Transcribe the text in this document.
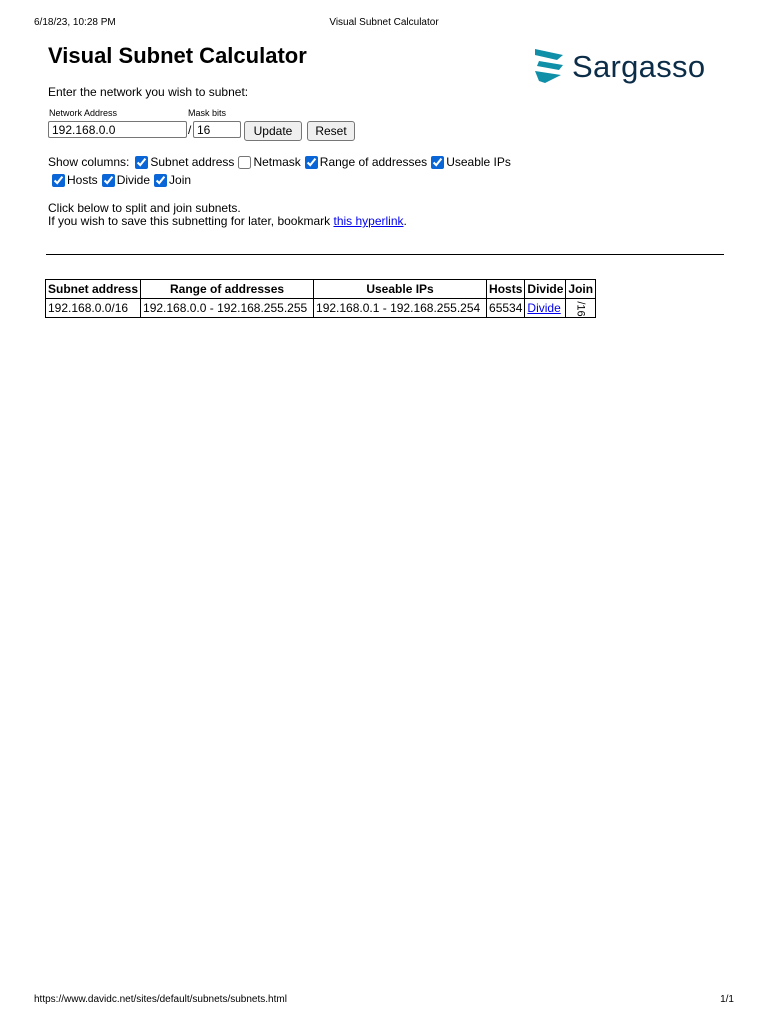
6/18/23, 10:28 PM	Visual Subnet Calculator
Visual Subnet Calculator	Sargasso
Enter the network you wish to subnet:
Network Address	Mask bits
192.168.0.0
/
16	Update	Reset
Show columns: Subnet address Netmask Range of addresses Useable IPs
Hosts Divide Join
Click below to split and join subnets.
If you wish to save this subnetting for later, bookmark this hyperlink.
Subnet address	Range of addresses	Useable IPs	Hosts	Divide	Join
192.168.0.0/16	192.168.0.0 - 192.168.255.255	192.168.0.1 - 192.168.255.254	65534	Divide	/16
https://www.davidc.net/sites/default/subnets/subnets.html	1/1
